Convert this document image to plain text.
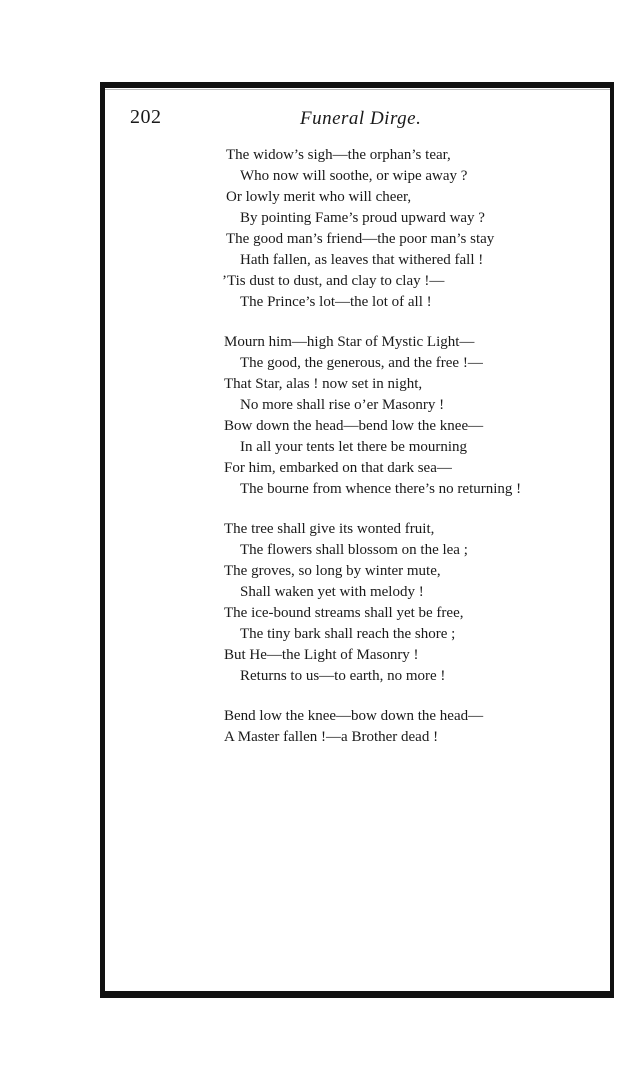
202	Funeral Dirge.
The widow’s sigh—the orphan’s tear,
Who now will soothe, or wipe away ?
Or lowly merit who will cheer,
By pointing Fame’s proud upward way ?
The good man’s friend—the poor man’s stay
Hath fallen, as leaves that withered fall !
’Tis dust to dust, and clay to clay !—
The Prince’s lot—the lot of all !
Mourn him—high Star of Mystic Light—
The good, the generous, and the free !—
That Star, alas ! now set in night,
No more shall rise o’er Masonry !
Bow down the head—bend low the knee—
In all your tents let there be mourning
For him, embarked on that dark sea—
The bourne from whence there’s no returning !
The tree shall give its wonted fruit,
The flowers shall blossom on the lea ;
The groves, so long by winter mute,
Shall waken yet with melody !
The ice-bound streams shall yet be free,
The tiny bark shall reach the shore ;
But He—the Light of Masonry !
Returns to us—to earth, no more !
Bend low the knee—bow down the head—
A Master fallen !—a Brother dead !
